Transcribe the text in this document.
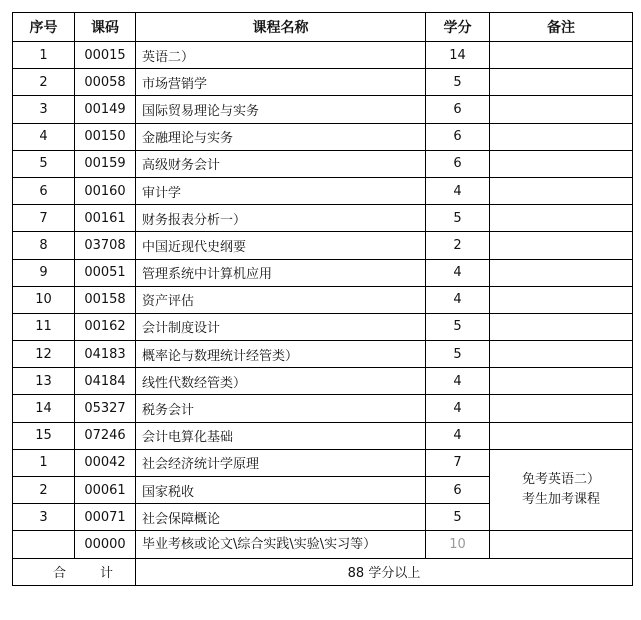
序号	课码	课程名称	学分	备注
1	00015	英语二）	14	
2	00058	市场营销学	5	
3	00149	国际贸易理论与实务	6	
4	00150	金融理论与实务	6	
5	00159	高级财务会计	6	
6	00160	审计学	4	
7	00161	财务报表分析一）	5	
8	03708	中国近现代史纲要	2	
9	00051	管理系统中计算机应用	4	
10	00158	资产评估	4	
11	00162	会计制度设计	5	
12	04183	概率论与数理统计经管类）	5	
13	04184	线性代数经管类）	4	
14	05327	税务会计	4	
15	07246	会计电算化基础	4	
1	00042	社会经济统计学原理	7	免考英语二）
考生加考课程

2	00061	国家税收	6	
3	00071	社会保障概论	5	
	00000	毕业考核或论文\综合实践\实验\实习等）	10	
合计		88 学分以上		
